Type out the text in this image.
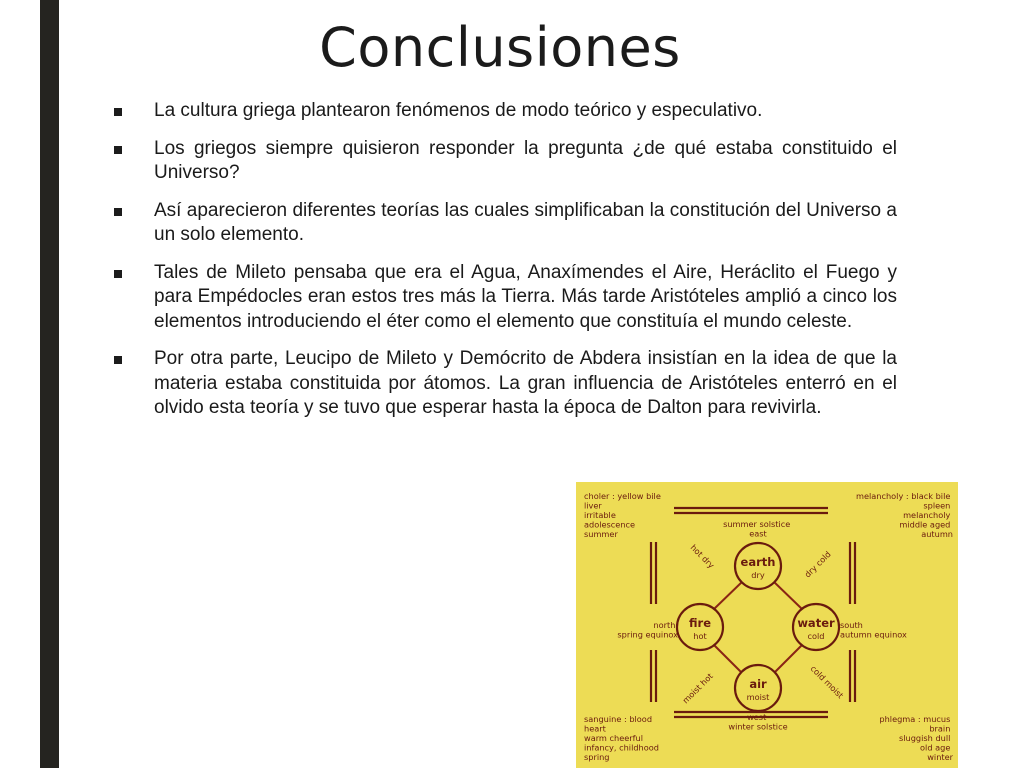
Conclusiones
La cultura griega plantearon fenómenos de modo teórico y especulativo.
Los griegos siempre quisieron responder la pregunta ¿de qué estaba constituido el Universo?
Así aparecieron diferentes teorías las cuales simplificaban la constitución del Universo a un solo elemento.
Tales de Mileto pensaba que era el Agua, Anaxímendes el Aire, Heráclito el Fuego y para Empédocles eran estos tres más la Tierra. Más tarde Aristóteles amplió a cinco los elementos introduciendo el éter como el elemento que constituía el mundo celeste.
Por otra parte, Leucipo de Mileto y Demócrito de Abdera insistían en la idea de que la materia estaba constituida por átomos. La gran influencia de Aristóteles enterró en el olvido esta teoría y se tuvo que esperar hasta la época de Dalton para revivirla.
choler : yellow bile liver irritable adolescence summer
melancholy : black bile spleen melancholy middle aged autumn
sanguine : blood heart warm cheerful infancy, childhood spring
phlegma : mucus brain sluggish dull old age winter
summer solstice east
north spring equinox
south autumn equinox
west winter solstice
hot dry	dry cold
moist hot	cold moist
earth
dry
fire
hot
water
cold
air
moist
